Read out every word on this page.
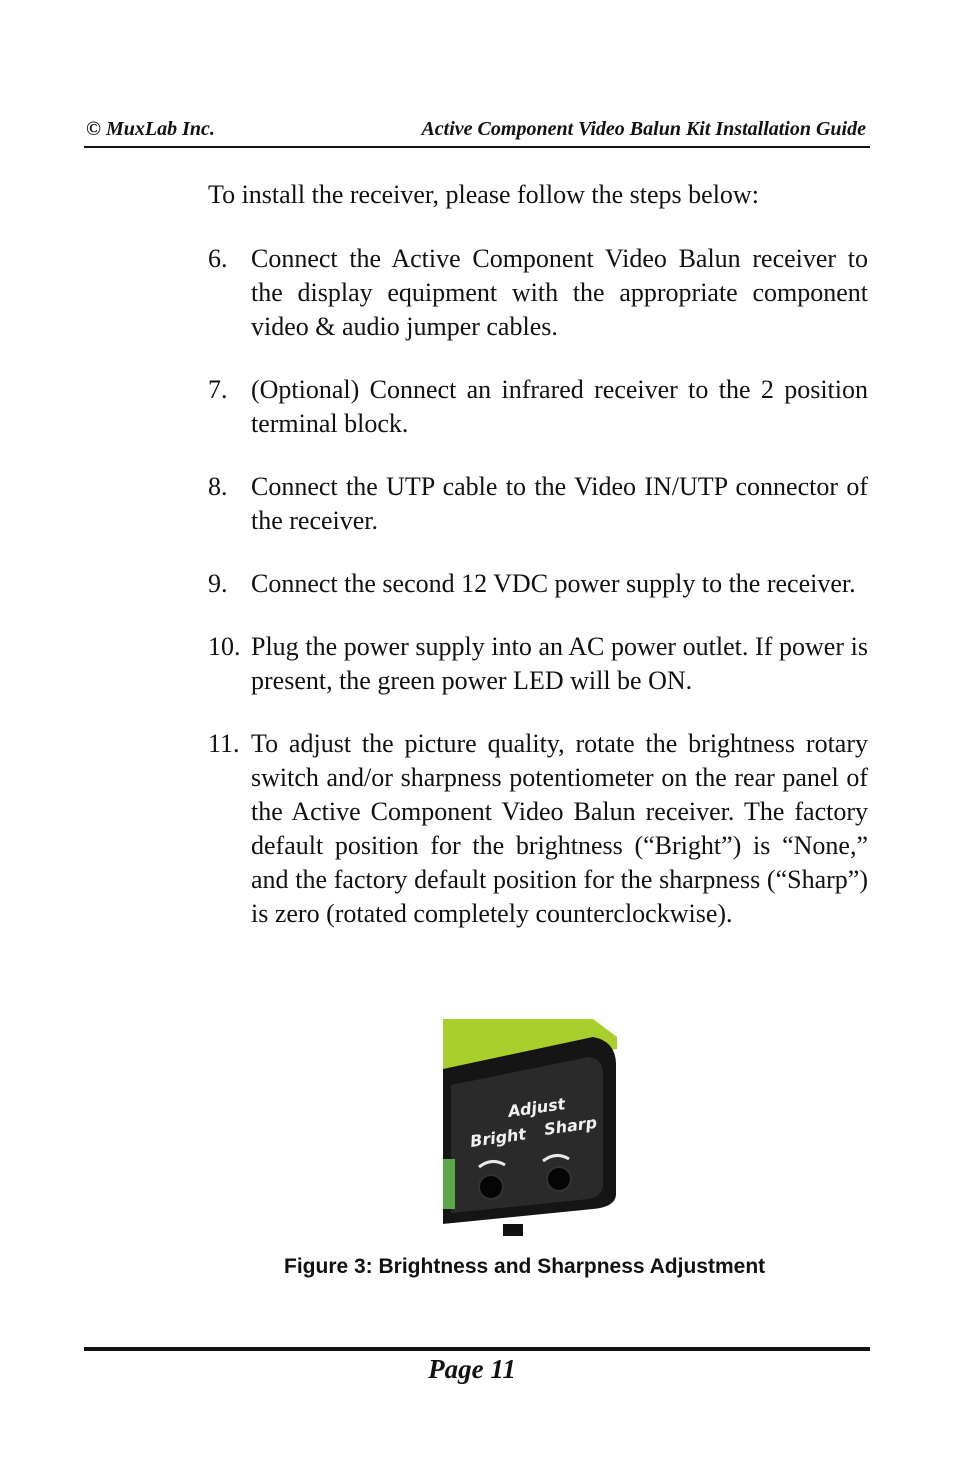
© MuxLab Inc.	Active Component Video Balun Kit Installation Guide
To install the receiver, please follow the steps below:
6. Connect the Active Component Video Balun receiver to the display equipment with the appropriate component video & audio jumper cables.
7. (Optional) Connect an infrared receiver to the 2 position terminal block.
8. Connect the UTP cable to the Video IN/UTP connector of the receiver.
9. Connect the second 12 VDC power supply to the receiver.
10. Plug the power supply into an AC power outlet. If power is present, the green power LED will be ON.
11. To adjust the picture quality, rotate the brightness rotary switch and/or sharpness potentiometer on the rear panel of the Active Component Video Balun receiver. The factory default position for the brightness (“Bright”) is “None,” and the factory default position for the sharpness (“Sharp”) is zero (rotated completely counterclockwise).
Adjust
Bright Sharp
Figure 3: Brightness and Sharpness Adjustment
Page 11
